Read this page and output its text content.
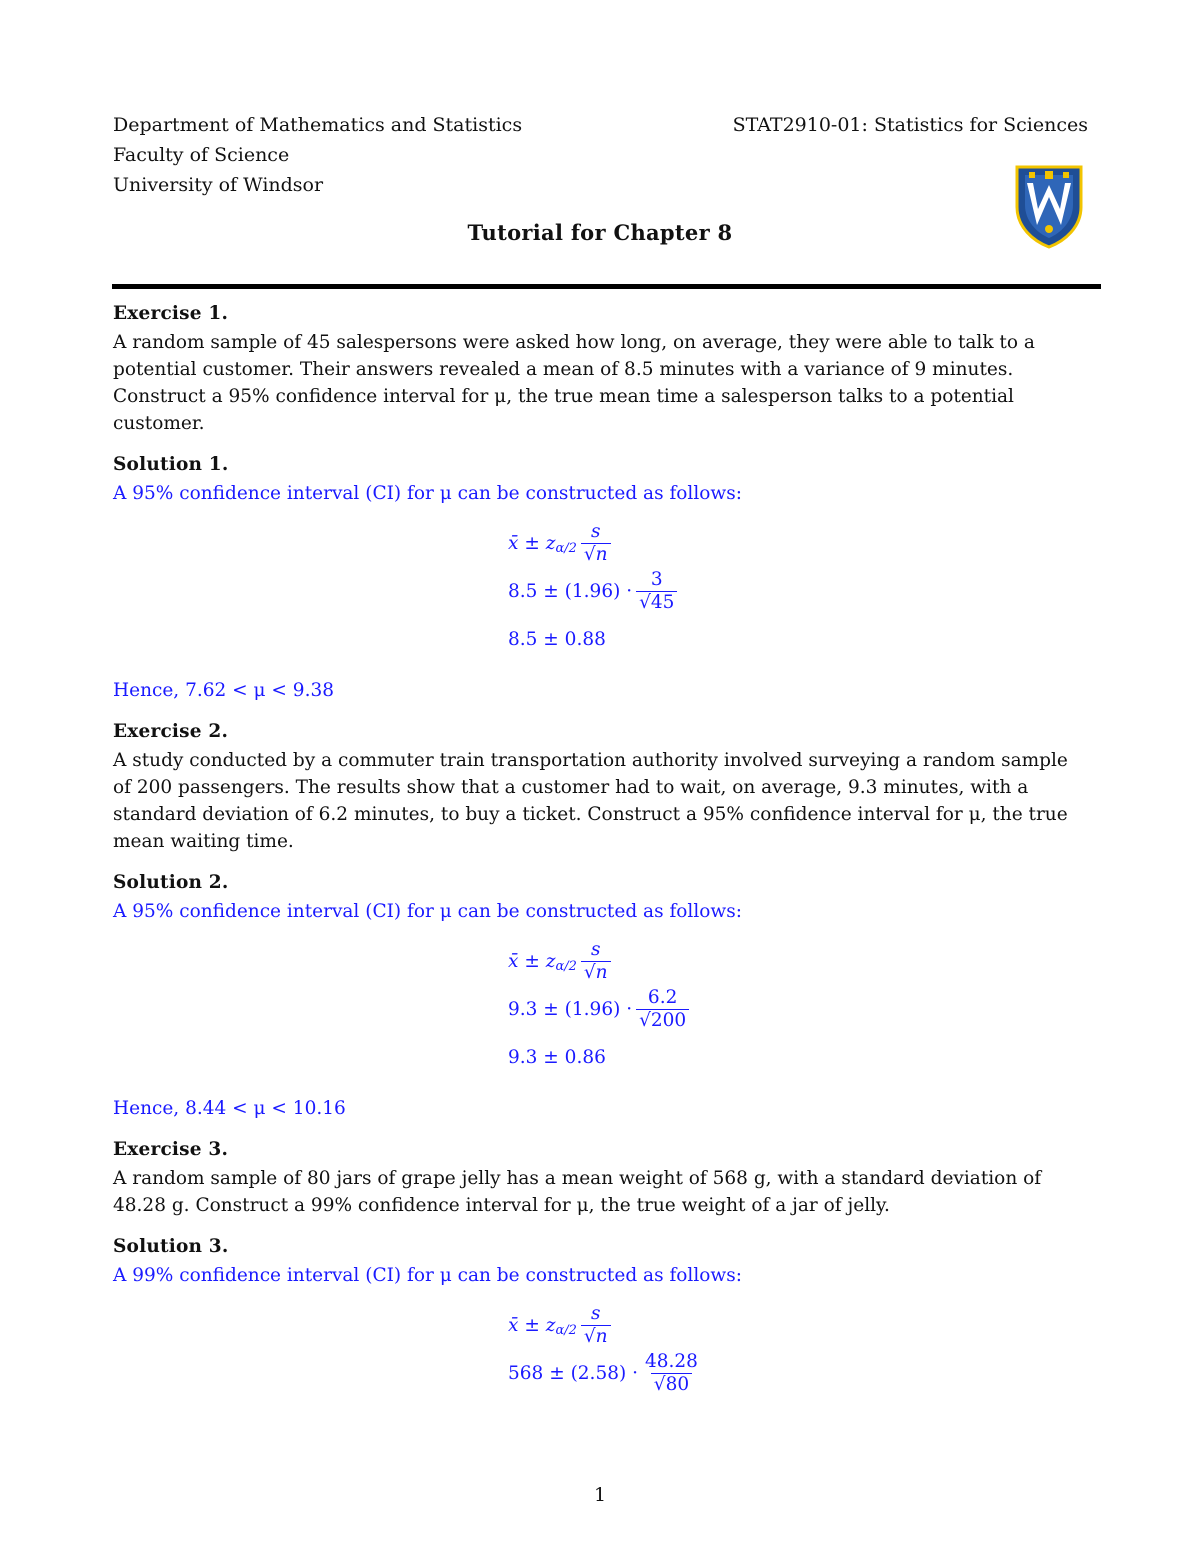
Department of Mathematics and Statistics
Faculty of Science
University of Windsor
STAT2910-01: Statistics for Sciences
Tutorial for Chapter 8
Exercise 1.

A random sample of 45 salespersons were asked how long, on average, they were able to talk to a potential customer. Their answers revealed a mean of 8.5 minutes with a variance of 9 minutes. Construct a 95% confidence interval for μ, the true mean time a salesperson talks to a potential customer.

Solution 1.
A 95% confidence interval (CI) for μ can be constructed as follows:
x̄ ± z $\alpha/2 \frac{s}{√n}$
$8.5 \pm (1.96) \cdot \frac{3}{√45}$
8.5 ± 0.88
Hence, 7.62 < μ < 9.38
Exercise 2.

A study conducted by a commuter train transportation authority involved surveying a random sample of 200 passengers. The results show that a customer had to wait, on average, 9.3 minutes, with a standard deviation of 6.2 minutes, to buy a ticket. Construct a 95% confidence interval for μ, the true mean waiting time.

Solution 2.
A 95% confidence interval (CI) for μ can be constructed as follows:
x̄ ± z $\alpha/2 \frac{s}{√n}$
$9.3 \pm (1.96) \cdot \frac{6.2}{√200}$
9.3 ± 0.86
Hence, 8.44 < μ < 10.16
Exercise 3.

A random sample of 80 jars of grape jelly has a mean weight of 568 g, with a standard deviation of 48.28 g. Construct a 99% confidence interval for μ, the true weight of a jar of jelly.

Solution 3.
A 99% confidence interval (CI) for μ can be constructed as follows:
x̄ ± z $\alpha/2 \frac{s}{√n}$
$568 \pm (2.58) \cdot \frac{48.28}{√80}$
1
